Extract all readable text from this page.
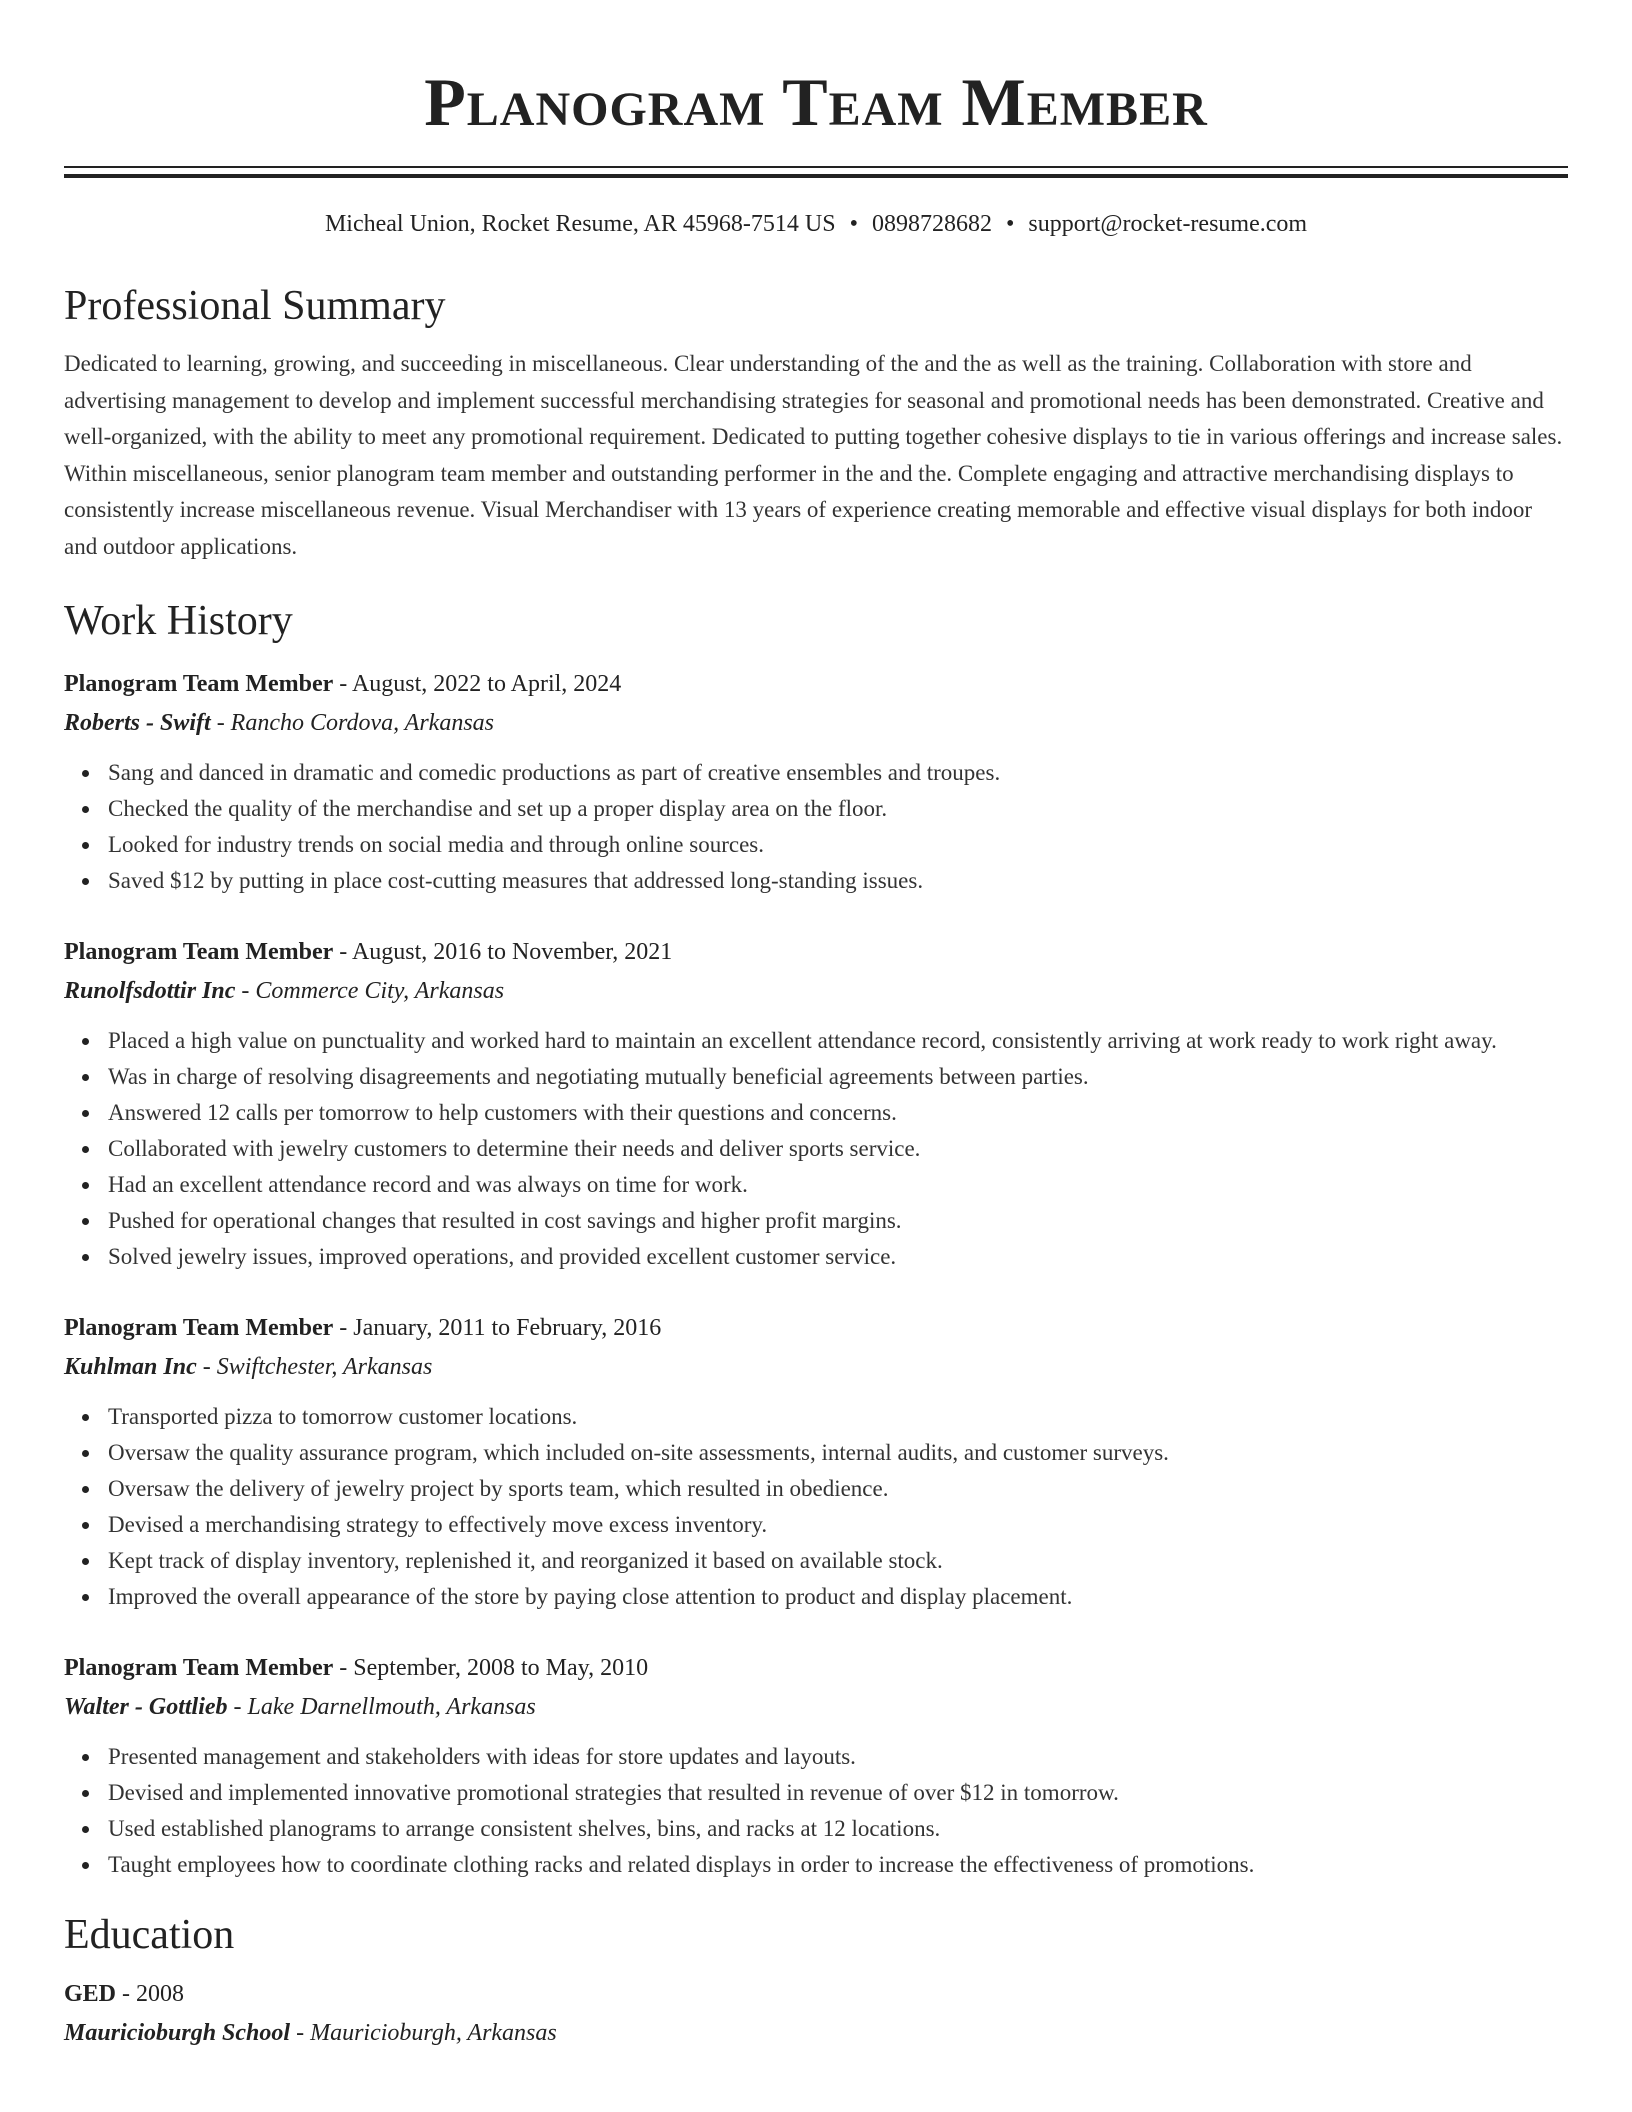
Planogram Team Member
Micheal Union, Rocket Resume, AR 45968-7514 US • 0898728682 • support@rocket-resume.com
Professional Summary
Dedicated to learning, growing, and succeeding in miscellaneous. Clear understanding of the and the as well as the training. Collaboration with store and advertising management to develop and implement successful merchandising strategies for seasonal and promotional needs has been demonstrated. Creative and well-organized, with the ability to meet any promotional requirement. Dedicated to putting together cohesive displays to tie in various offerings and increase sales. Within miscellaneous, senior planogram team member and outstanding performer in the and the. Complete engaging and attractive merchandising displays to consistently increase miscellaneous revenue. Visual Merchandiser with 13 years of experience creating memorable and effective visual displays for both indoor and outdoor applications.
Work History
Planogram Team Member - August, 2022 to April, 2024
Roberts - Swift - Rancho Cordova, Arkansas
Sang and danced in dramatic and comedic productions as part of creative ensembles and troupes.
Checked the quality of the merchandise and set up a proper display area on the floor.
Looked for industry trends on social media and through online sources.
Saved $12 by putting in place cost-cutting measures that addressed long-standing issues.
Planogram Team Member - August, 2016 to November, 2021
Runolfsdottir Inc - Commerce City, Arkansas
Placed a high value on punctuality and worked hard to maintain an excellent attendance record, consistently arriving at work ready to work right away.
Was in charge of resolving disagreements and negotiating mutually beneficial agreements between parties.
Answered 12 calls per tomorrow to help customers with their questions and concerns.
Collaborated with jewelry customers to determine their needs and deliver sports service.
Had an excellent attendance record and was always on time for work.
Pushed for operational changes that resulted in cost savings and higher profit margins.
Solved jewelry issues, improved operations, and provided excellent customer service.
Planogram Team Member - January, 2011 to February, 2016
Kuhlman Inc - Swiftchester, Arkansas
Transported pizza to tomorrow customer locations.
Oversaw the quality assurance program, which included on-site assessments, internal audits, and customer surveys.
Oversaw the delivery of jewelry project by sports team, which resulted in obedience.
Devised a merchandising strategy to effectively move excess inventory.
Kept track of display inventory, replenished it, and reorganized it based on available stock.
Improved the overall appearance of the store by paying close attention to product and display placement.
Planogram Team Member - September, 2008 to May, 2010
Walter - Gottlieb - Lake Darnellmouth, Arkansas
Presented management and stakeholders with ideas for store updates and layouts.
Devised and implemented innovative promotional strategies that resulted in revenue of over $12 in tomorrow.
Used established planograms to arrange consistent shelves, bins, and racks at 12 locations.
Taught employees how to coordinate clothing racks and related displays in order to increase the effectiveness of promotions.
Education
GED - 2008
Mauricioburgh School - Mauricioburgh, Arkansas
